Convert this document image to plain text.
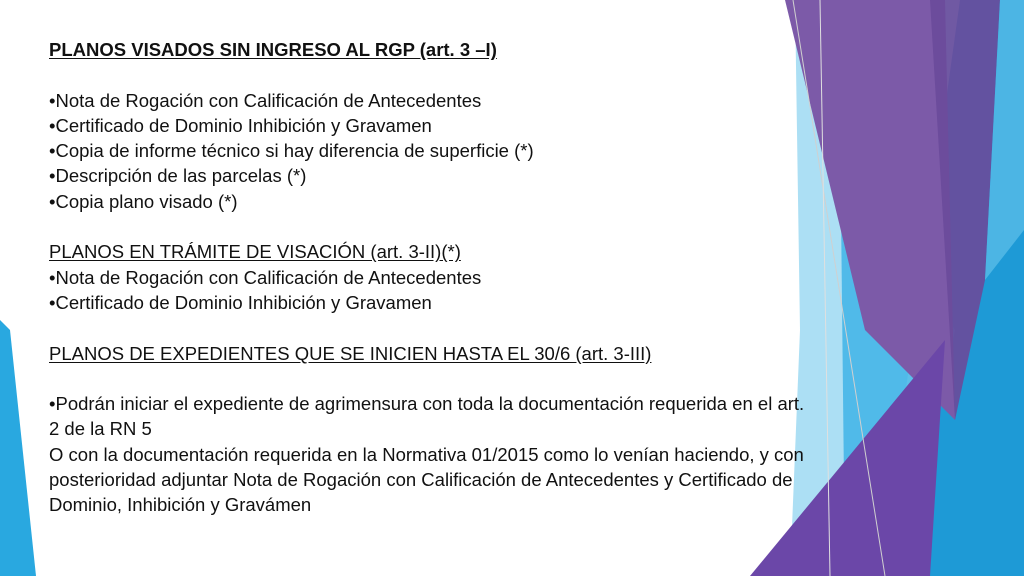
PLANOS VISADOS SIN INGRESO AL RGP (art. 3 –I)
•Nota de Rogación con Calificación de Antecedentes
•Certificado de Dominio Inhibición y Gravamen
•Copia de informe técnico si hay diferencia de superficie (*)
•Descripción de las parcelas (*)
•Copia plano visado (*)
PLANOS EN TRÁMITE DE VISACIÓN (art. 3-II)(*)
•Nota de Rogación con Calificación de Antecedentes
•Certificado de Dominio Inhibición y Gravamen
PLANOS DE EXPEDIENTES QUE SE INICIEN HASTA EL 30/6 (art. 3-III)
•Podrán iniciar el expediente de agrimensura con toda la documentación requerida en el art.
2 de la RN 5
O con la documentación requerida en la Normativa 01/2015 como lo venían haciendo, y con
posterioridad adjuntar Nota de Rogación con Calificación de Antecedentes y Certificado de
Dominio, Inhibición y Gravámen
